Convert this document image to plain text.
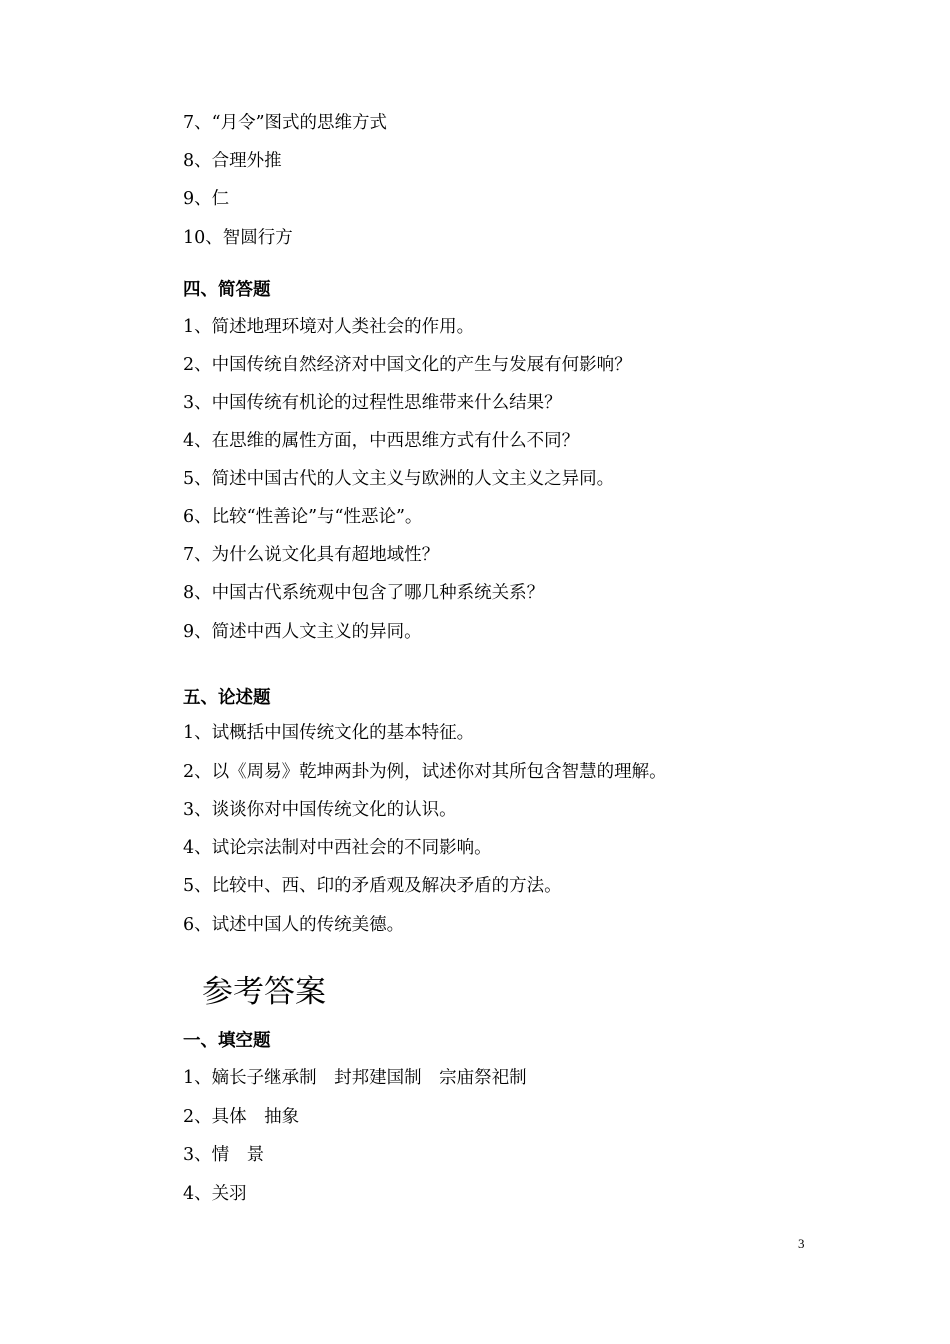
7、“月令”图式的思维方式
8、合理外推
9、仁
10、智圆行方
四、简答题
1、简述地理环境对人类社会的作用。
2、中国传统自然经济对中国文化的产生与发展有何影响？
3、中国传统有机论的过程性思维带来什么结果？
4、在思维的属性方面，中西思维方式有什么不同？
5、简述中国古代的人文主义与欧洲的人文主义之异同。
6、比较“性善论”与“性恶论”。
7、为什么说文化具有超地域性？
8、中国古代系统观中包含了哪几种系统关系？
9、简述中西人文主义的异同。
五、论述题
1、试概括中国传统文化的基本特征。
2、以《周易》乾坤两卦为例，试述你对其所包含智慧的理解。
3、谈谈你对中国传统文化的认识。
4、试论宗法制对中西社会的不同影响。
5、比较中、西、印的矛盾观及解决矛盾的方法。
6、试述中国人的传统美德。
参考答案
一、填空题
1、嫡长子继承制　封邦建国制　宗庙祭祀制
2、具体　抽象
3、情　景
4、关羽
3
